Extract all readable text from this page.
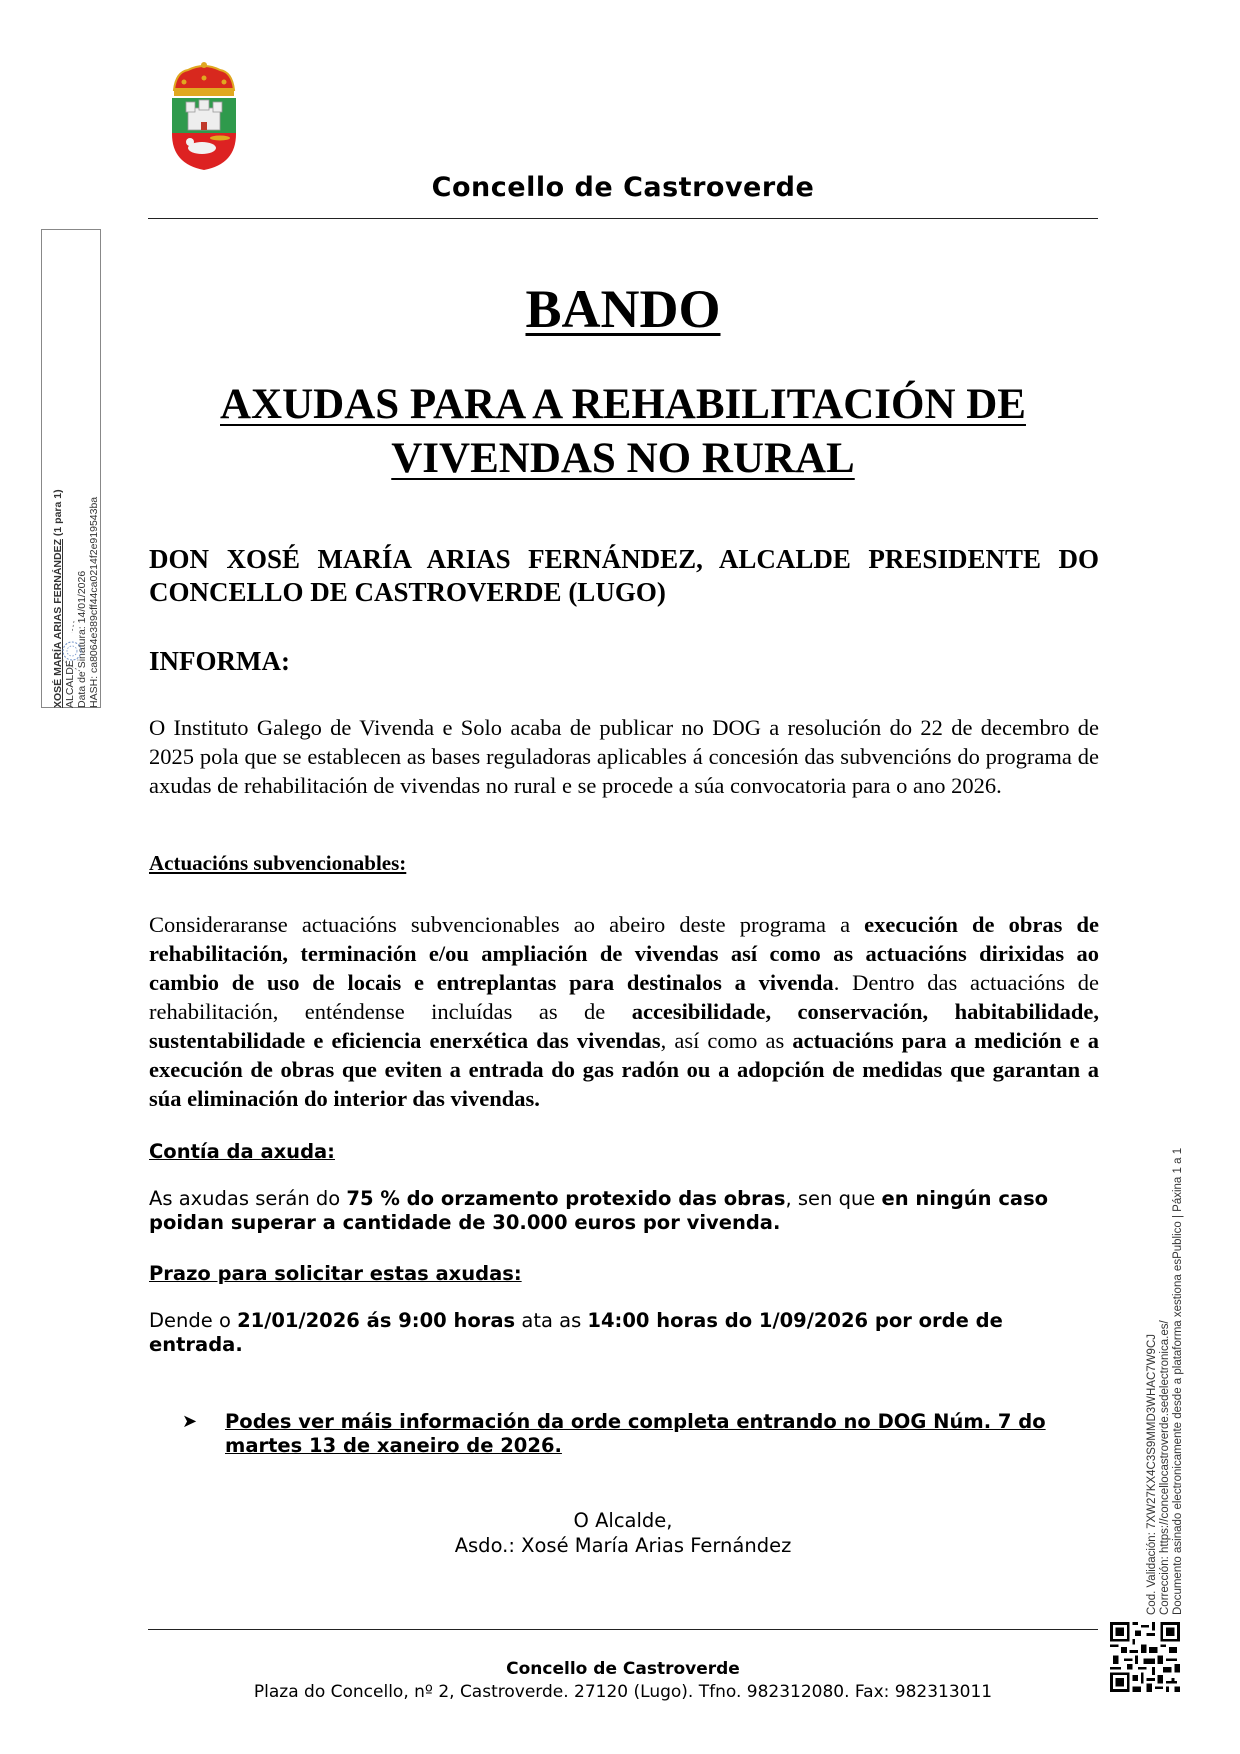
Concello de Castroverde
BANDO
AXUDAS PARA A REHABILITACIÓN DE
VIVENDAS NO RURAL
DON XOSÉ MARÍA ARIAS FERNÁNDEZ, ALCALDE PRESIDENTE DO CONCELLO DE CASTROVERDE (LUGO)
INFORMA:
O Instituto Galego de Vivenda e Solo acaba de publicar no DOG a resolución do 22 de decembro de 2025 pola que se establecen as bases reguladoras aplicables á concesión das subvencións do programa de axudas de rehabilitación de vivendas no rural e se procede a súa convocatoria para o ano 2026.
Actuacións subvencionables:
Consideraranse actuacións subvencionables ao abeiro deste programa a execución de obras de rehabilitación, terminación e/ou ampliación de vivendas así como as actuacións dirixidas ao cambio de uso de locais e entreplantas para destinalos a vivenda. Dentro das actuacións de rehabilitación, enténdense incluídas as de accesibilidade, conservación, habitabilidade, sustentabilidade e eficiencia enerxética das vivendas, así como as actuacións para a medición e a execución de obras que eviten a entrada do gas radón ou a adopción de medidas que garantan a súa eliminación do interior das vivendas.
Contía da axuda:
As axudas serán do 75 % do orzamento protexido das obras, sen que en ningún caso poidan superar a cantidade de 30.000 euros por vivenda.
Prazo para solicitar estas axudas:
Dende o 21/01/2026 ás 9:00 horas ata as 14:00 horas do 1/09/2026 por orde de entrada.
➤ Podes ver máis información da orde completa entrando no DOG Núm. 7 do martes 13 de xaneiro de 2026.
O Alcalde,
Asdo.: Xosé María Arias Fernández
Concello de Castroverde
Plaza do Concello, nº 2, Castroverde. 27120 (Lugo). Tfno. 982312080. Fax: 982313011
XOSÉ MARÍA ARIAS FERNÁNDEZ (1 para 1)
ALCALDE Data de Sinatura: 14/01/2026 HASH: ca8064e389cff44ca0214f2e919543ba
Cod. Validación: 7XW27KX4C3S9MMD3WHAC7W9CJ Corrección: https://concellocastroverde.sedelectronica.es/ Documento asinado electronicamente desde a plataforma xestiona esPublico | Páxina 1 a 1
